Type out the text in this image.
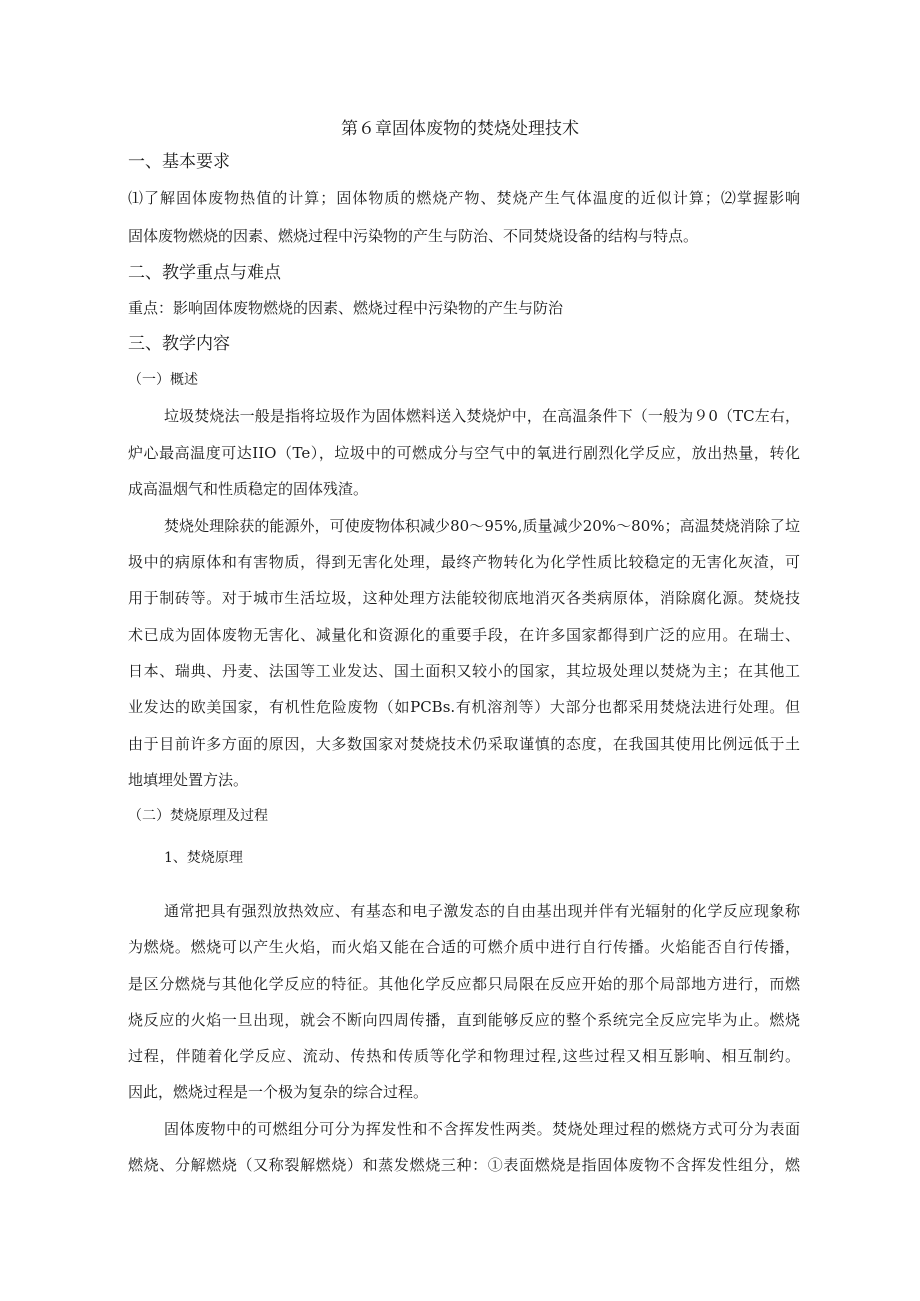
第６章固体废物的焚烧处理技术
一、基本要求
⑴了解固体废物热值的计算；固体物质的燃烧产物、焚烧产生气体温度的近似计算；⑵掌握影响
固体废物燃烧的因素、燃烧过程中污染物的产生与防治、不同焚烧设备的结构与特点。
二、教学重点与难点
重点：影响固体废物燃烧的因素、燃烧过程中污染物的产生与防治
三、教学内容
（一）概述
垃圾焚烧法一般是指将垃圾作为固体燃料送入焚烧炉中，在高温条件下（一般为９0（TC左右，
炉心最高温度可达IIO（Te），垃圾中的可燃成分与空气中的氧进行剧烈化学反应，放出热量，转化
成高温烟气和性质稳定的固体残渣。
焚烧处理除获的能源外，可使废物体积减少80～95%,质量减少20%～80%；高温焚烧消除了垃
圾中的病原体和有害物质，得到无害化处理，最终产物转化为化学性质比较稳定的无害化灰渣，可
用于制砖等。对于城市生活垃圾，这种处理方法能较彻底地消灭各类病原体，消除腐化源。焚烧技
术已成为固体废物无害化、减量化和资源化的重要手段，在许多国家都得到广泛的应用。在瑞士、
日本、瑞典、丹麦、法国等工业发达、国土面积又较小的国家，其垃圾处理以焚烧为主；在其他工
业发达的欧美国家，有机性危险废物（如PCBs.有机溶剂等）大部分也都采用焚烧法进行处理。但
由于目前许多方面的原因，大多数国家对焚烧技术仍采取谨慎的态度，在我国其使用比例远低于土
地填埋处置方法。
（二）焚烧原理及过程
1、焚烧原理
通常把具有强烈放热效应、有基态和电子激发态的自由基出现并伴有光辐射的化学反应现象称
为燃烧。燃烧可以产生火焰，而火焰又能在合适的可燃介质中进行自行传播。火焰能否自行传播，
是区分燃烧与其他化学反应的特征。其他化学反应都只局限在反应开始的那个局部地方进行，而燃
烧反应的火焰一旦出现，就会不断向四周传播，直到能够反应的整个系统完全反应完毕为止。燃烧
过程，伴随着化学反应、流动、传热和传质等化学和物理过程,这些过程又相互影响、相互制约。
因此，燃烧过程是一个极为复杂的综合过程。
固体废物中的可燃组分可分为挥发性和不含挥发性两类。焚烧处理过程的燃烧方式可分为表面
燃烧、分解燃烧（又称裂解燃烧）和蒸发燃烧三种：①表面燃烧是指固体废物不含挥发性组分，燃
